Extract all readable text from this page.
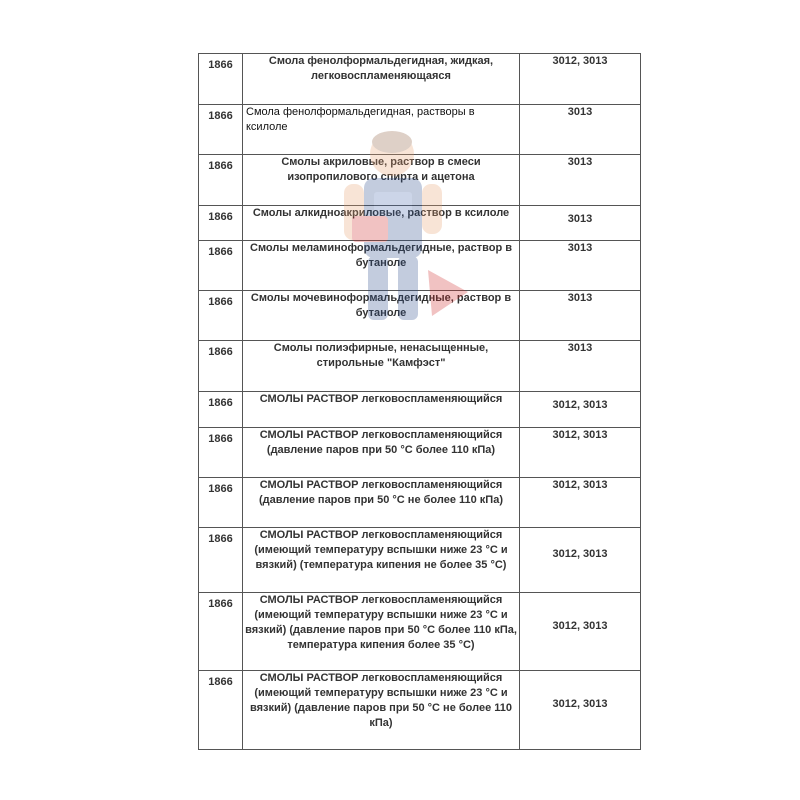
1866	Смола фенолформальдегидная, жидкая, легковоспламеняющаяся	3012, 3013
1866	Смола фенолформальдегидная, растворы в ксилоле	3013
1866	Смолы акриловые, раствор в смеси изопропилового спирта и ацетона	3013
1866	Смолы алкидноакриловые, раствор в ксилоле	3013
1866	Смолы меламиноформальдегидные, раствор в бутаноле	3013
1866	Смолы мочевиноформальдегидные, раствор в бутаноле	3013
1866	Смолы полиэфирные, ненасыщенные, стирольные "Камфэст"	3013
1866	СМОЛЫ РАСТВОР легковоспламеняющийся	3012, 3013
1866	СМОЛЫ РАСТВОР легковоспламеняющийся (давление паров при 50 °С более 110 кПа)	3012, 3013
1866	СМОЛЫ РАСТВОР легковоспламеняющийся (давление паров при 50 °С не более 110 кПа)	3012, 3013
1866	СМОЛЫ РАСТВОР легковоспламеняющийся (имеющий температуру вспышки ниже 23 °С и вязкий) (температура кипения не более 35 °С)	3012, 3013
1866	СМОЛЫ РАСТВОР легковоспламеняющийся (имеющий температуру вспышки ниже 23 °С и вязкий) (давление паров при 50 °С более 110 кПа, температура кипения более 35 °С)	3012, 3013
1866	СМОЛЫ РАСТВОР легковоспламеняющийся (имеющий температуру вспышки ниже 23 °С и вязкий) (давление паров при 50 °С не более 110 кПа)	3012, 3013
